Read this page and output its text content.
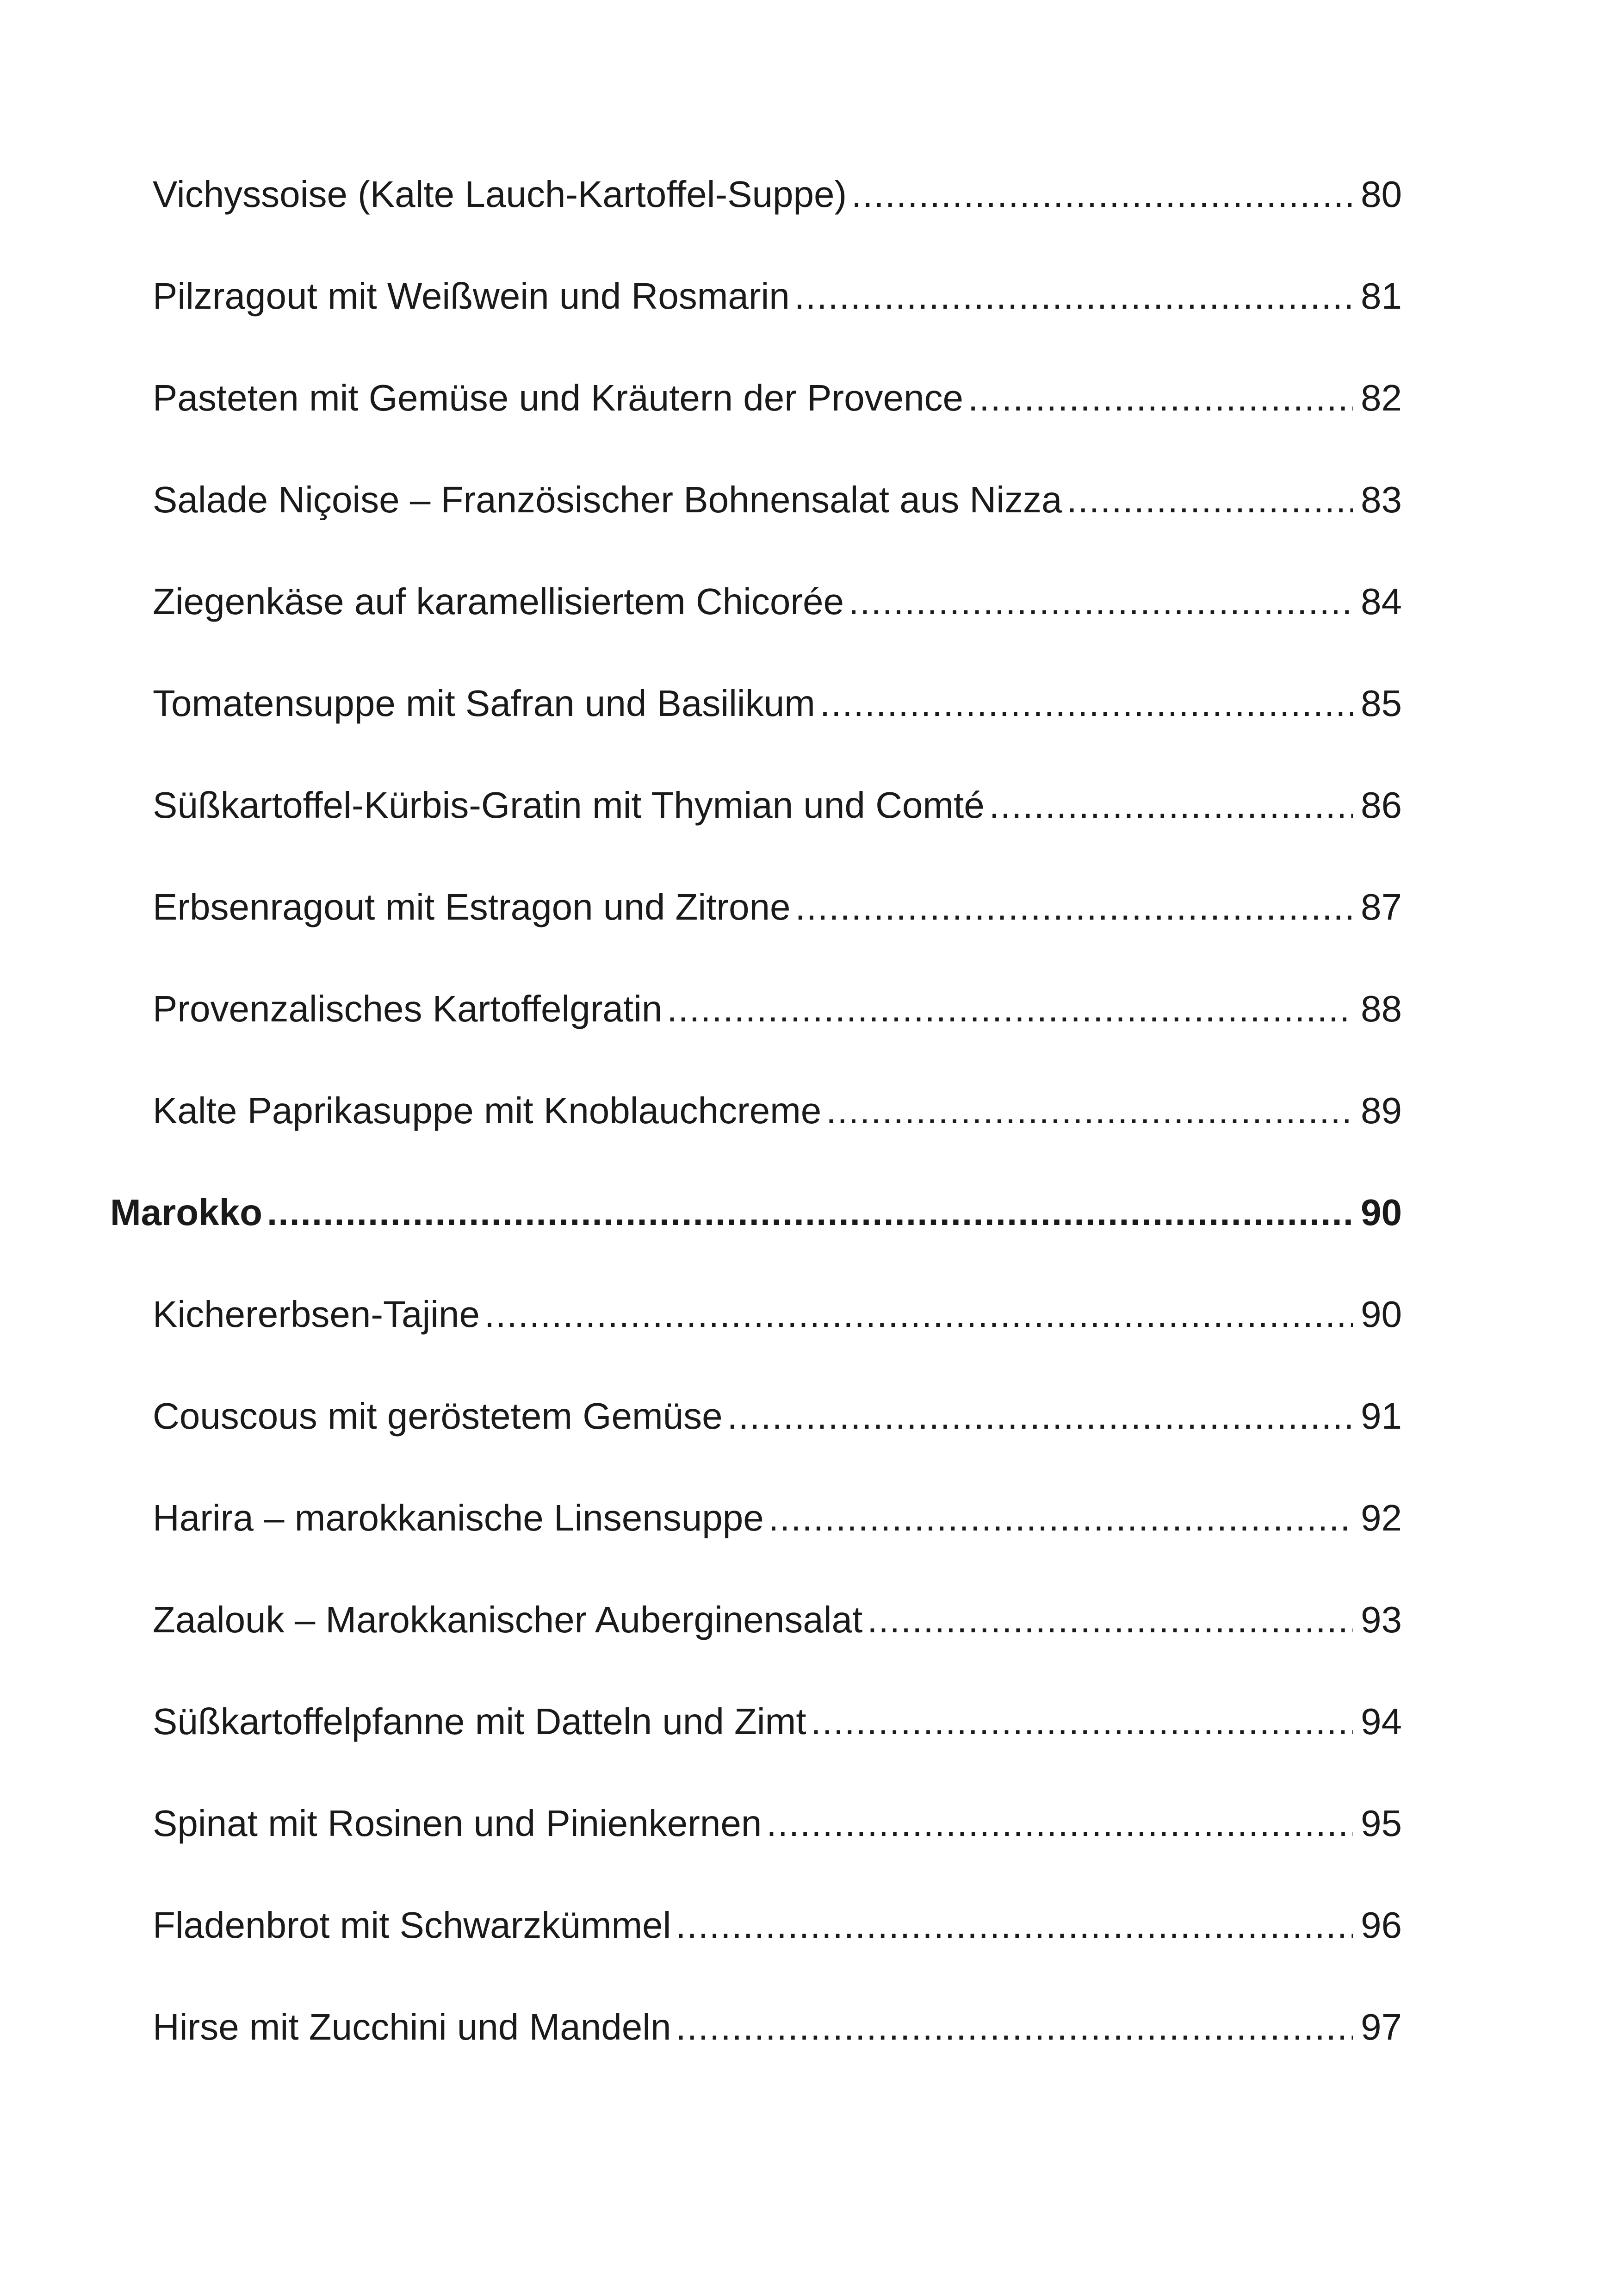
Vichyssoise (Kalte Lauch-Kartoffel-Suppe) .....	80
Pilzragout mit Weißwein und Rosmarin .....	81
Pasteten mit Gemüse und Kräutern der Provence .....	82
Salade Niçoise – Französischer Bohnensalat aus Nizza .....	83
Ziegenkäse auf karamellisiertem Chicorée .....	84
Tomatensuppe mit Safran und Basilikum .....	85
Süßkartoffel-Kürbis-Gratin mit Thymian und Comté .....	86
Erbsenragout mit Estragon und Zitrone .....	87
Provenzalisches Kartoffelgratin .....	88
Kalte Paprikasuppe mit Knoblauchcreme .....	89
Marokko .....	90
Kichererbsen-Tajine .....	90
Couscous mit geröstetem Gemüse .....	91
Harira – marokkanische Linsensuppe .....	92
Zaalouk – Marokkanischer Auberginensalat .....	93
Süßkartoffelpfanne mit Datteln und Zimt .....	94
Spinat mit Rosinen und Pinienkernen .....	95
Fladenbrot mit Schwarzkümmel .....	96
Hirse mit Zucchini und Mandeln .....	97
